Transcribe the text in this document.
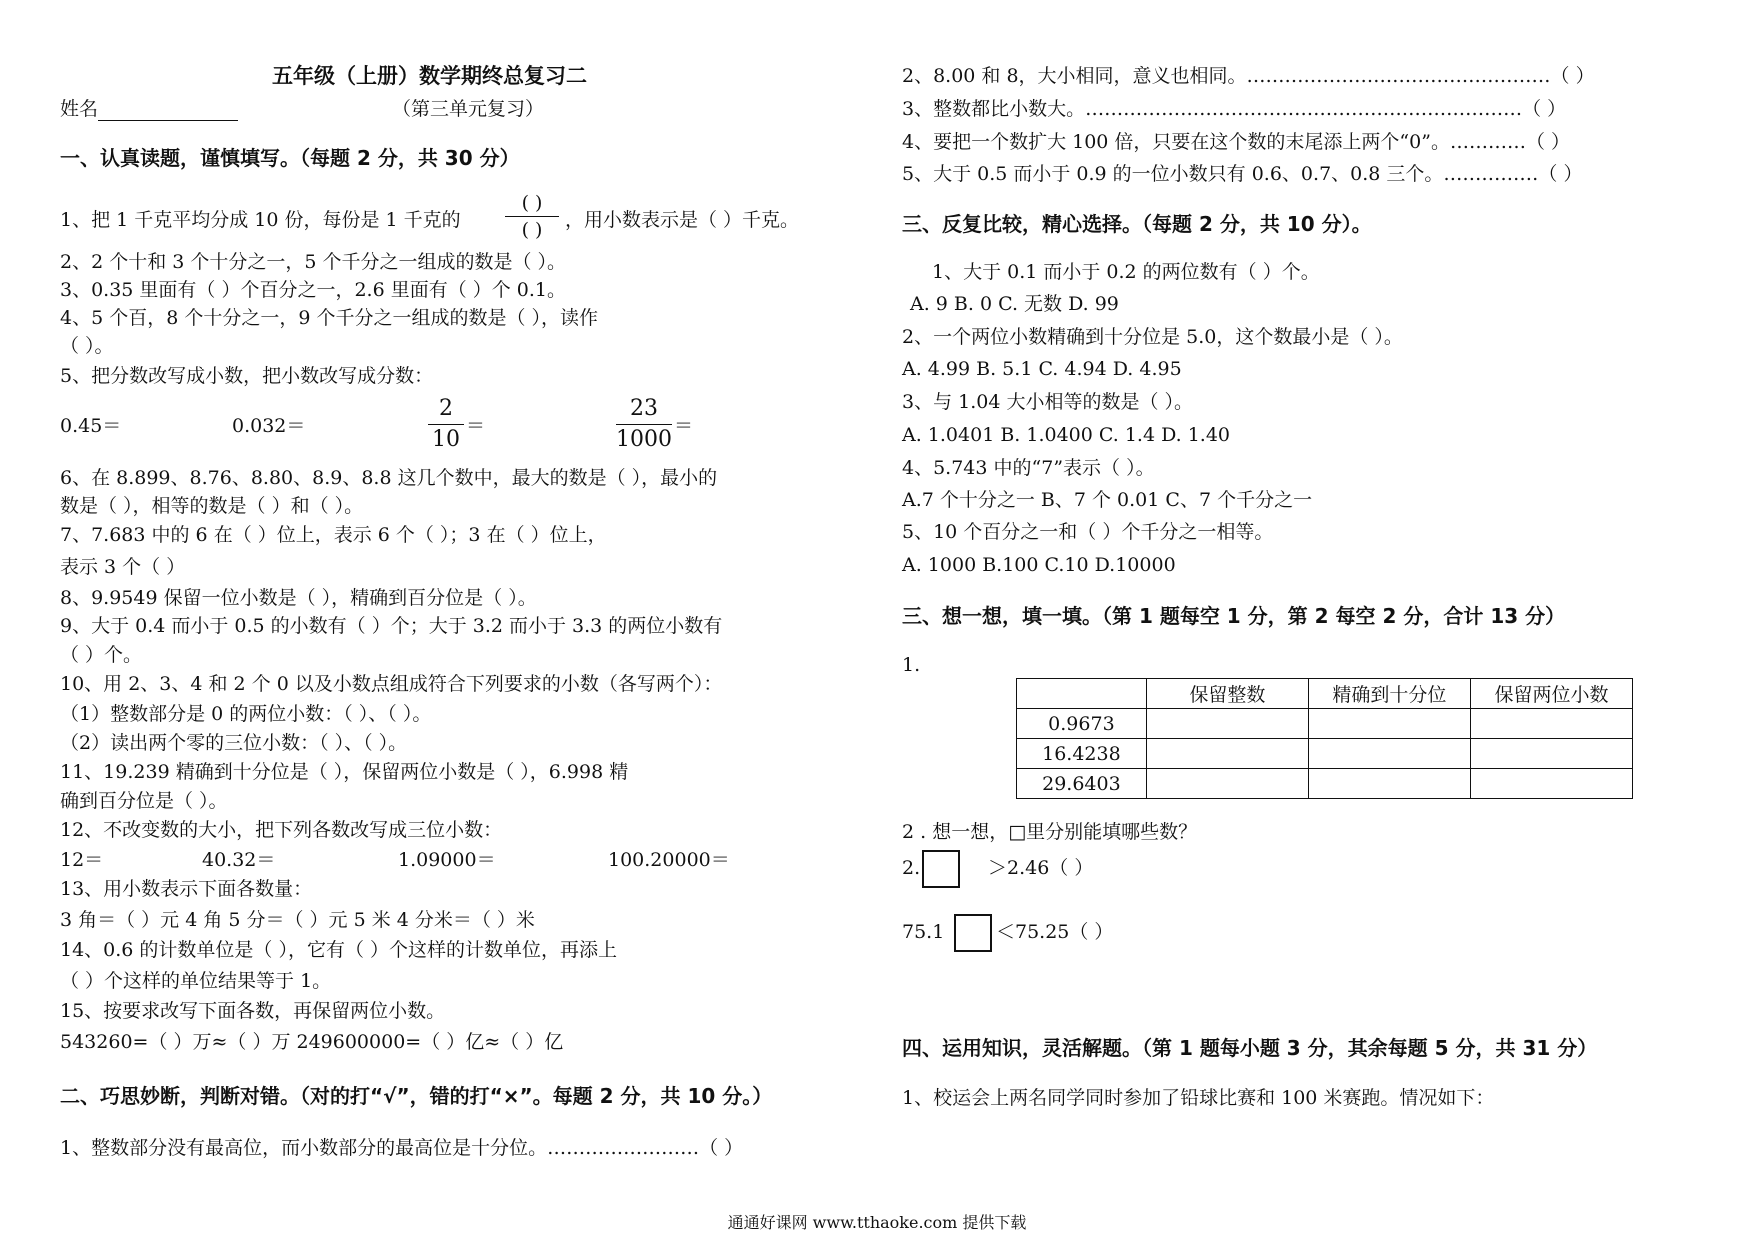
五年级（上册）数学期终总复习二
姓名	（第三单元复习）
一、认真读题，谨慎填写。（每题 2 分，共 30 分）
1、把 1 千克平均分成 10 份，每份是 1 千克的
( )
( )	，用小数表示是（ ）千克。
2、2 个十和 3 个十分之一，5 个千分之一组成的数是（ ）。
3、0.35 里面有（ ）个百分之一，2.6 里面有（ ）个 0.1。
4、5 个百，8 个十分之一，9 个千分之一组成的数是（ ），读作
（ ）。
5、把分数改写成小数，把小数改写成分数：
0.45＝	0.032＝
2
10
＝
23
1000
＝
6、在 8.899、8.76、8.80、8.9、8.8 这几个数中，最大的数是（ ），最小的
数是（ ），相等的数是（ ）和（ ）。
7、7.683 中的 6 在（ ）位上，表示 6 个（ ）；3 在（ ）位上，
表示 3 个（ ）
8、9.9549 保留一位小数是（ ），精确到百分位是（ ）。
9、大于 0.4 而小于 0.5 的小数有（ ）个；大于 3.2 而小于 3.3 的两位小数有
（ ）个。
10、用 2、3、4 和 2 个 0 以及小数点组成符合下列要求的小数（各写两个）：
（1）整数部分是 0 的两位小数：（ ）、（ ）。
（2）读出两个零的三位小数：（ ）、（ ）。
11、19.239 精确到十分位是（ ），保留两位小数是（ ），6.998 精
确到百分位是（ ）。
12、不改变数的大小，把下列各数改写成三位小数：
12＝	40.32＝	1.09000＝	100.20000＝
13、用小数表示下面各数量：
3 角＝（ ）元 4 角 5 分＝（ ）元 5 米 4 分米＝（ ）米
14、0.6 的计数单位是（ ），它有（ ）个这样的计数单位，再添上
（ ）个这样的单位结果等于 1。
15、按要求改写下面各数，再保留两位小数。
543260=（ ）万≈（ ）万 249600000=（ ）亿≈（ ）亿
二、巧思妙断，判断对错。（对的打“√”，错的打“×”。每题 2 分，共 10 分。）
1、整数部分没有最高位，而小数部分的最高位是十分位。……………………（ ）
2、8.00 和 8，大小相同，意义也相同。…………………………………………（ ）
3、整数都比小数大。……………………………………………………………（ ）
4、要把一个数扩大 100 倍，只要在这个数的末尾添上两个“0”。…………（ ）
5、大于 0.5 而小于 0.9 的一位小数只有 0.6、0.7、0.8 三个。……………（ ）
三、反复比较，精心选择。（每题 2 分，共 10 分）。
1、大于 0.1 而小于 0.2 的两位数有（ ）个。
A. 9 B. 0 C. 无数 D. 99
2、一个两位小数精确到十分位是 5.0，这个数最小是（ ）。
A. 4.99 B. 5.1 C. 4.94 D. 4.95
3、与 1.04 大小相等的数是（ ）。
A. 1.0401 B. 1.0400 C. 1.4 D. 1.40
4、5.743 中的“7”表示（ ）。
A.7 个十分之一 B、7 个 0.01 C、7 个千分之一
5、10 个百分之一和（ ）个千分之一相等。
A. 1000 B.100 C.10 D.10000
三、想一想，填一填。（第 1 题每空 1 分，第 2 每空 2 分，合计 13 分）
1.
	保留整数	精确到十分位	保留两位小数
0.9673			
16.4238			
29.6403			
2 . 想一想，□里分别能填哪些数？
2.	＞2.46（ ）
75.1	＜75.25（ ）
四、运用知识，灵活解题。（第 1 题每小题 3 分，其余每题 5 分，共 31 分）
1、校运会上两名同学同时参加了铅球比赛和 100 米赛跑。情况如下：
通通好课网 www.tthaoke.com 提供下载
